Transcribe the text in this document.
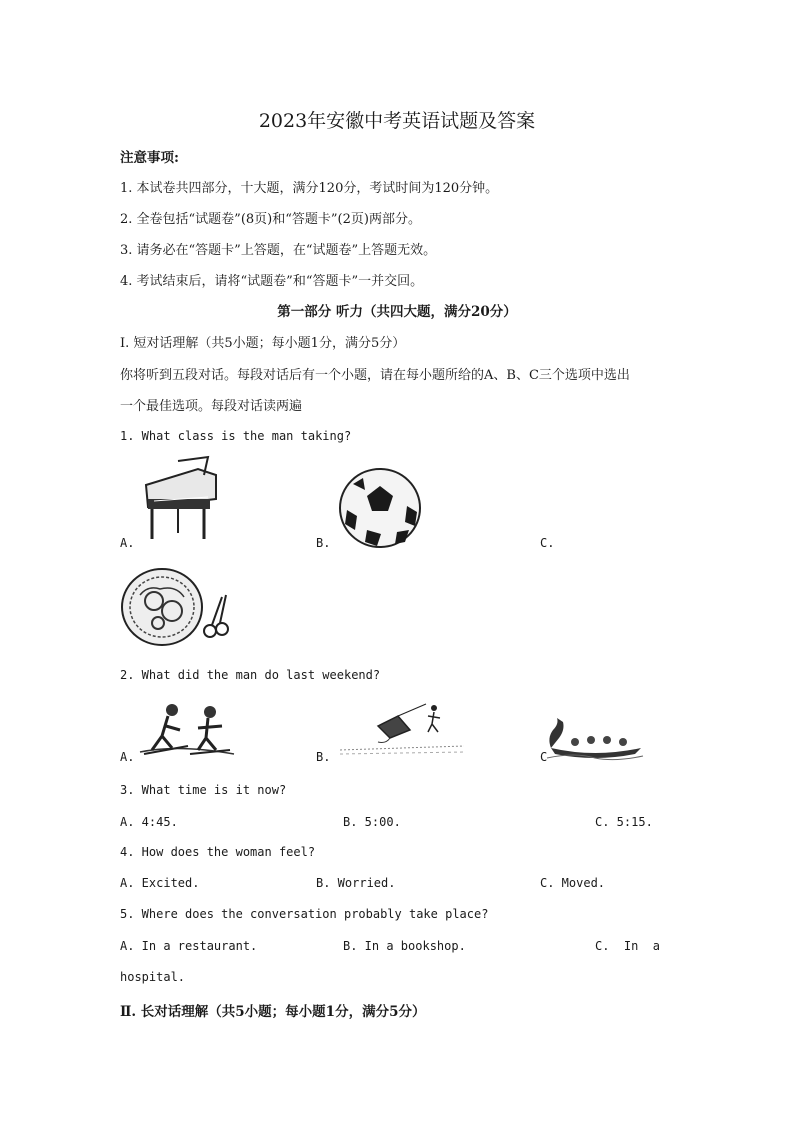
2023年安徽中考英语试题及答案
注意事项:
1. 本试卷共四部分，十大题，满分120分，考试时间为120分钟。
2. 全卷包括“试题卷”(8页)和“答题卡”(2页)两部分。
3. 请务必在“答题卡”上答题，在“试题卷”上答题无效。
4. 考试结束后，请将“试题卷”和“答题卡”一并交回。
第一部分 听力（共四大题，满分20分）
Ⅰ. 短对话理解（共5小题；每小题1分，满分5分）
你将听到五段对话。每段对话后有一个小题，请在每小题所给的A、B、C三个选项中选出
一个最佳选项。每段对话读两遍
1. What class is the man taking?
A.	B.	C.
2. What did the man do last weekend?
A.	B.	C
3. What time is it now?
A. 4:45.	B. 5:00.	C. 5:15.
4. How does the woman feel?
A. Excited.	B. Worried.	C. Moved.
5. Where does the conversation probably take place?
A. In a restaurant.	B. In a bookshop.	C.  In  a
hospital.
Ⅱ. 长对话理解（共5小题；每小题1分，满分5分）
